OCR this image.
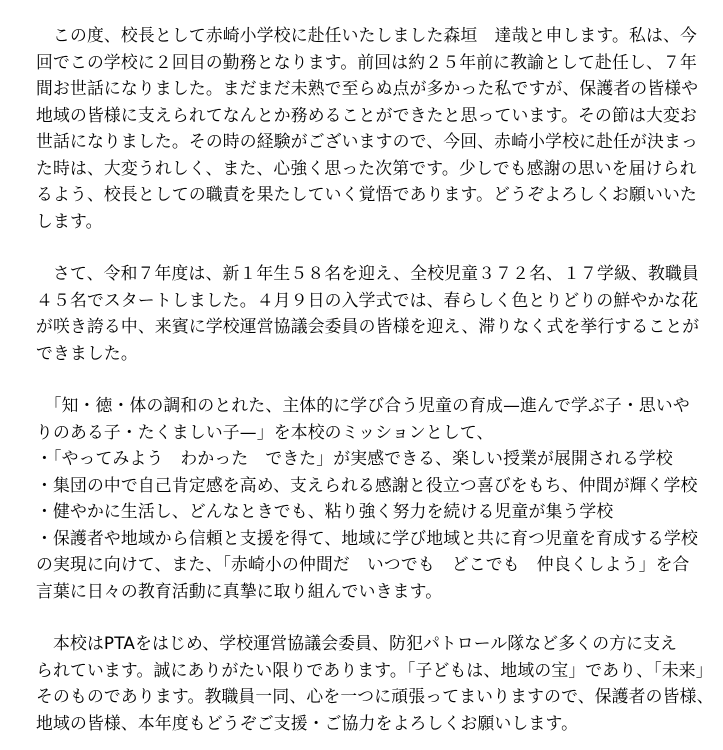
　この度、校長として赤崎小学校に赴任いたしました森垣　達哉と申します。私は、今
回でこの学校に２回目の勤務となります。前回は約２５年前に教諭として赴任し、７年
間お世話になりました。まだまだ未熟で至らぬ点が多かった私ですが、保護者の皆様や
地域の皆様に支えられてなんとか務めることができたと思っています。その節は大変お
世話になりました。その時の経験がございますので、今回、赤崎小学校に赴任が決まっ
た時は、大変うれしく、また、心強く思った次第です。少しでも感謝の思いを届けられ
るよう、校長としての職責を果たしていく覚悟であります。どうぞよろしくお願いいた
します。
　さて、令和７年度は、新１年生５８名を迎え、全校児童３７２名、１７学級、教職員
４５名でスタートしました。４月９日の入学式では、春らしく色とりどりの鮮やかな花
が咲き誇る中、来賓に学校運営協議会委員の皆様を迎え、滞りなく式を挙行することが
できました。
　「知・徳・体の調和のとれた、主体的に学び合う児童の育成—進んで学ぶ子・思いや
りのある子・たくましい子—」を本校のミッションとして、
・「やってみよう　わかった　できた」が実感できる、楽しい授業が展開される学校
・集団の中で自己肯定感を高め、支えられる感謝と役立つ喜びをもち、仲間が輝く学校
・健やかに生活し、どんなときでも、粘り強く努力を続ける児童が集う学校
・保護者や地域から信頼と支援を得て、地域に学び地域と共に育つ児童を育成する学校
の実現に向けて、また、「赤崎小の仲間だ　いつでも　どこでも　仲良くしよう」を合
言葉に日々の教育活動に真摯に取り組んでいきます。
　本校はPTAをはじめ、学校運営協議会委員、防犯パトロール隊など多くの方に支え
られています。誠にありがたい限りであります。「子どもは、地域の宝」であり、「未来」
そのものであります。教職員一同、心を一つに頑張ってまいりますので、保護者の皆様、
地域の皆様、本年度もどうぞご支援・ご協力をよろしくお願いします。
